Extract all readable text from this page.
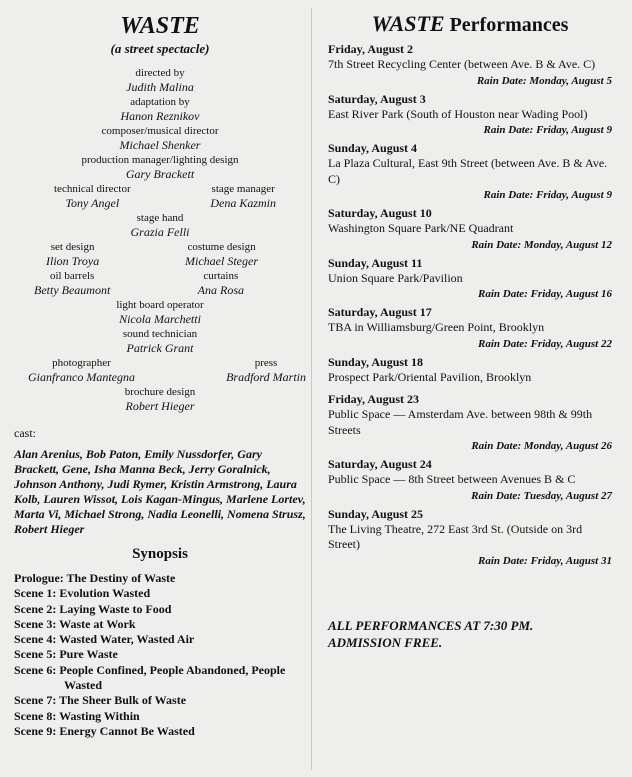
WASTE
(a street spectacle)
directed by
Judith Malina
adaptation by
Hanon Reznikov
composer/musical director
Michael Shenker
production manager/lighting design
Gary Brackett
technical director
Tony Angel
stage manager
Dena Kazmin
stage hand
Grazia Felli
set design
Ilion Troya
costume design
Michael Steger
oil barrels
Betty Beaumont
curtains
Ana Rosa
light board operator
Nicola Marchetti
sound technician
Patrick Grant
photographer
Gianfranco Mantegna
press
Bradford Martin
brochure design
Robert Hieger
cast:
Alan Arenius, Bob Paton, Emily Nussdorfer, Gary Brackett, Gene, Isha Manna Beck, Jerry Goralnick, Johnson Anthony, Judi Rymer, Kristin Armstrong, Laura Kolb, Lauren Wissot, Lois Kagan-Mingus, Marlene Lortev, Marta Vi, Michael Strong, Nadia Leonelli, Nomena Strusz, Robert Hieger
Synopsis
Prologue: The Destiny of Waste
Scene 1: Evolution Wasted
Scene 2: Laying Waste to Food
Scene 3: Waste at Work
Scene 4: Wasted Water, Wasted Air
Scene 5: Pure Waste
Scene 6: People Confined, People Abandoned, People Wasted
Scene 7: The Sheer Bulk of Waste
Scene 8: Wasting Within
Scene 9: Energy Cannot Be Wasted
WASTE Performances
Friday, August 2
7th Street Recycling Center (between Ave. B & Ave. C)
Rain Date: Monday, August 5
Saturday, August 3
East River Park (South of Houston near Wading Pool)
Rain Date: Friday, August 9
Sunday, August 4
La Plaza Cultural, East 9th Street (between Ave. B & Ave. C)
Rain Date: Friday, August 9
Saturday, August 10
Washington Square Park/NE Quadrant
Rain Date: Monday, August 12
Sunday, August 11
Union Square Park/Pavilion
Rain Date: Friday, August 16
Saturday, August 17
TBA in Williamsburg/Green Point, Brooklyn
Rain Date: Friday, August 22
Sunday, August 18
Prospect Park/Oriental Pavilion, Brooklyn
Friday, August 23
Public Space — Amsterdam Ave. between 98th & 99th Streets
Rain Date: Monday, August 26
Saturday, August 24
Public Space — 8th Street between Avenues B & C
Rain Date: Tuesday, August 27
Sunday, August 25
The Living Theatre, 272 East 3rd St. (Outside on 3rd Street)
Rain Date: Friday, August 31
ALL PERFORMANCES AT 7:30 PM.
ADMISSION FREE.
